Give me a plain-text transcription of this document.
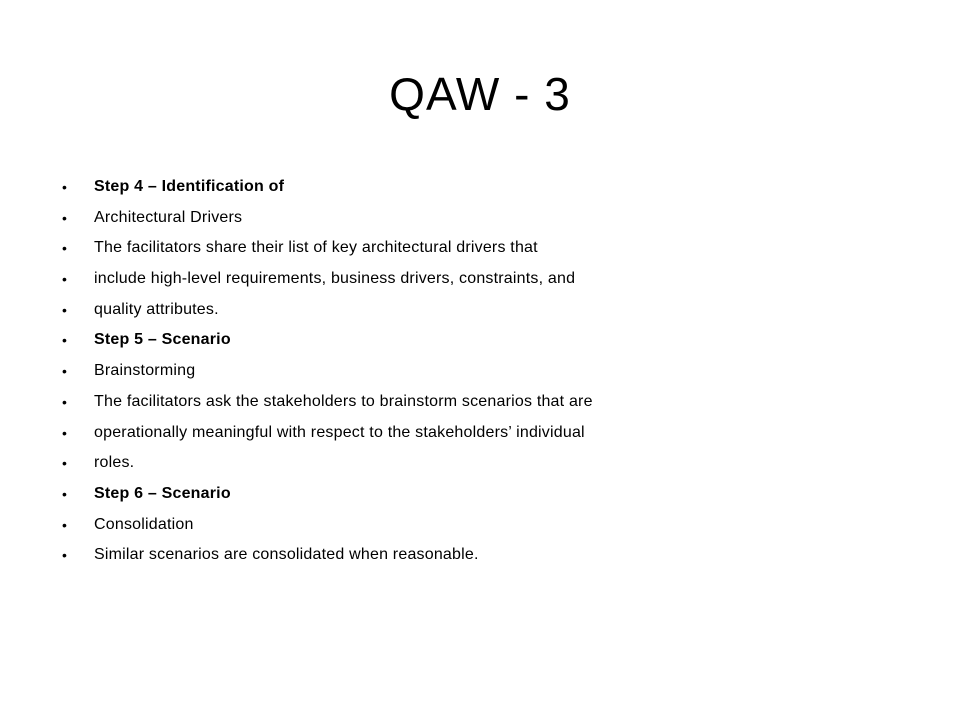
QAW - 3
•	Step 4 – Identification of
•	Architectural Drivers
•	The facilitators share their list of key architectural drivers that
•	include high-level requirements, business drivers, constraints, and
•	quality attributes.
•	Step 5 – Scenario
•	Brainstorming
•	The facilitators ask the stakeholders to brainstorm scenarios that are
•	operationally meaningful with respect to the stakeholders’ individual
•	roles.
•	Step 6 – Scenario
•	Consolidation
•	Similar scenarios are consolidated when reasonable.
